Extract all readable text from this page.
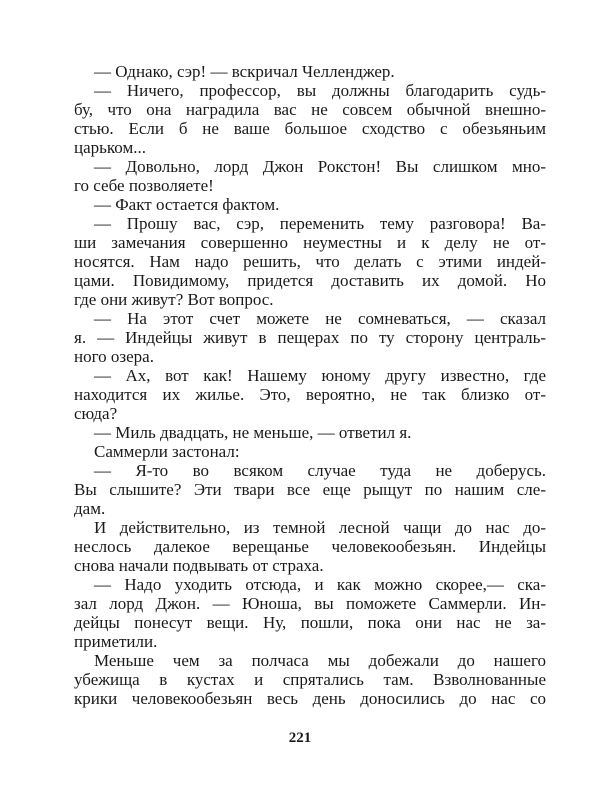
— Однако, сэр! — вскричал Челленджер.
— Ничего, профессор, вы должны благодарить судь-
бу, что она наградила вас не совсем обычной внешно-
стью. Если б не ваше большое сходство с обезьяньим
царьком...
— Довольно, лорд Джон Рокстон! Вы слишком мно-
го себе позволяете!
— Факт остается фактом.
— Прошу вас, сэр, переменить тему разговора! Ва-
ши замечания совершенно неуместны и к делу не от-
носятся. Нам надо решить, что делать с этими индей-
цами. Повидимому, придется доставить их домой. Но
где они живут? Вот вопрос.
— На этот счет можете не сомневаться, — сказал
я. — Индейцы живут в пещерах по ту сторону централь-
ного озера.
— Ах, вот как! Нашему юному другу известно, где
находится их жилье. Это, вероятно, не так близко от-
сюда?
— Миль двадцать, не меньше, — ответил я.
Саммерли застонал:
— Я-то во всяком случае туда не доберусь.
Вы слышите? Эти твари все еще рыщут по нашим сле-
дам.
И действительно, из темной лесной чащи до нас до-
неслось далекое верещанье человекообезьян. Индейцы
снова начали подвывать от страха.
— Надо уходить отсюда, и как можно скорее,— ска-
зал лорд Джон. — Юноша, вы поможете Саммерли. Ин-
дейцы понесут вещи. Ну, пошли, пока они нас не за-
приметили.
Меньше чем за полчаса мы добежали до нашего
убежища в кустах и спрятались там. Взволнованные
крики человекообезьян весь день доносились до нас со
221
